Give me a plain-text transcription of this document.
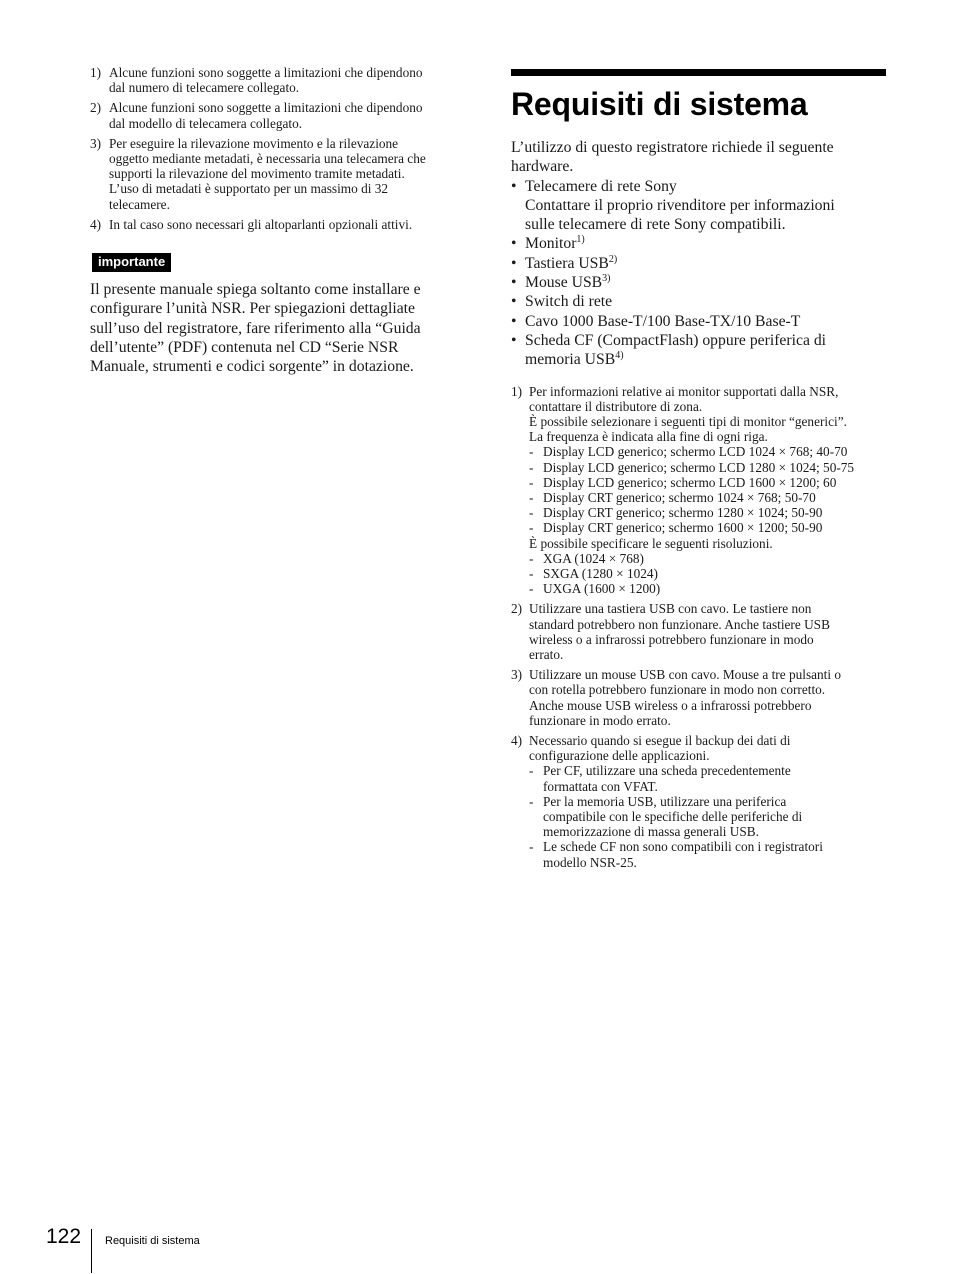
1) Alcune funzioni sono soggette a limitazioni che dipendono
dal numero di telecamere collegato.
2) Alcune funzioni sono soggette a limitazioni che dipendono
dal modello di telecamera collegato.
3) Per eseguire la rilevazione movimento e la rilevazione
oggetto mediante metadati, è necessaria una telecamera che
supporti la rilevazione del movimento tramite metadati.
L’uso di metadati è supportato per un massimo di 32
telecamere.
4) In tal caso sono necessari gli altoparlanti opzionali attivi.
importante
Il presente manuale spiega soltanto come installare e
configurare l’unità NSR. Per spiegazioni dettagliate
sull’uso del registratore, fare riferimento alla “Guida
dell’utente” (PDF) contenuta nel CD “Serie NSR
Manuale, strumenti e codici sorgente” in dotazione.
Requisiti di sistema
L’utilizzo di questo registratore richiede il seguente
hardware.
• Telecamere di rete Sony
Contattare il proprio rivenditore per informazioni
sulle telecamere di rete Sony compatibili.
• Monitor$^{1)}$
• Tastiera USB$^{2)}$
• Mouse USB$^{3)}$
• Switch di rete
• Cavo 1000 Base-T/100 Base-TX/10 Base-T
• Scheda CF (CompactFlash) oppure periferica di
memoria USB$^{4)}$
1) Per informazioni relative ai monitor supportati dalla NSR,
contattare il distributore di zona.
È possibile selezionare i seguenti tipi di monitor “generici”.
La frequenza è indicata alla fine di ogni riga.
- Display LCD generico; schermo LCD 1024 × 768; 40-70
- Display LCD generico; schermo LCD 1280 × 1024; 50-75
- Display LCD generico; schermo LCD 1600 × 1200; 60
- Display CRT generico; schermo 1024 × 768; 50-70
- Display CRT generico; schermo 1280 × 1024; 50-90
- Display CRT generico; schermo 1600 × 1200; 50-90
È possibile specificare le seguenti risoluzioni.
- XGA (1024 × 768)
- SXGA (1280 × 1024)
- UXGA (1600 × 1200)
2) Utilizzare una tastiera USB con cavo. Le tastiere non
standard potrebbero non funzionare. Anche tastiere USB
wireless o a infrarossi potrebbero funzionare in modo
errato.
3) Utilizzare un mouse USB con cavo. Mouse a tre pulsanti o
con rotella potrebbero funzionare in modo non corretto.
Anche mouse USB wireless o a infrarossi potrebbero
funzionare in modo errato.
4) Necessario quando si esegue il backup dei dati di
configurazione delle applicazioni.
- Per CF, utilizzare una scheda precedentemente
formattata con VFAT.
- Per la memoria USB, utilizzare una periferica
compatibile con le specifiche delle periferiche di
memorizzazione di massa generali USB.
- Le schede CF non sono compatibili con i registratori
modello NSR-25.
122 Requisiti di sistema
